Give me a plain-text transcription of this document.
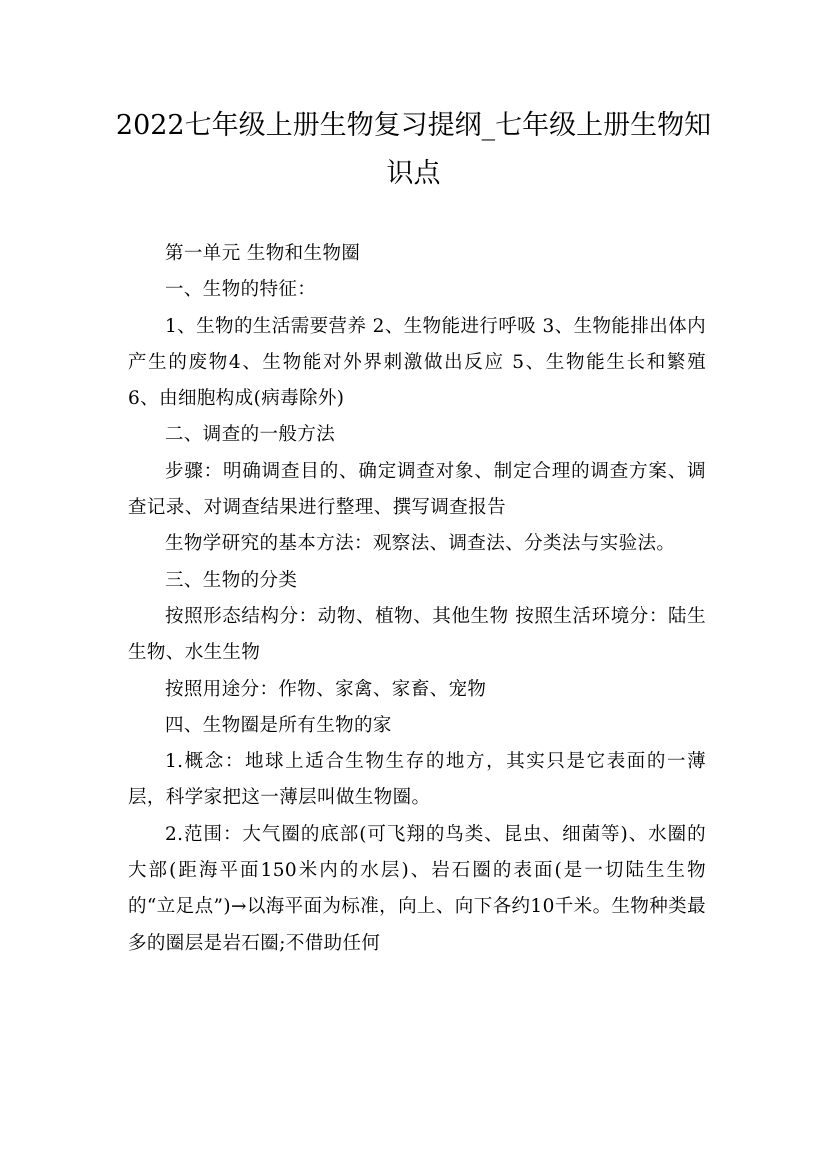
2022七年级上册生物复习提纲_七年级上册生物知识点

第一单元 生物和生物圈

一、生物的特征：

1、生物的生活需要营养 2、生物能进行呼吸 3、生物能排出体内产生的废物4、生物能对外界刺激做出反应 5、生物能生长和繁殖 6、由细胞构成(病毒除外)

二、调查的一般方法

步骤：明确调查目的、确定调查对象、制定合理的调查方案、调查记录、对调查结果进行整理、撰写调查报告

生物学研究的基本方法：观察法、调查法、分类法与实验法。

三、生物的分类

按照形态结构分：动物、植物、其他生物 按照生活环境分：陆生生物、水生生物

按照用途分：作物、家禽、家畜、宠物

四、生物圈是所有生物的家

1.概念：地球上适合生物生存的地方，其实只是它表面的一薄层，科学家把这一薄层叫做生物圈。

2.范围：大气圈的底部(可飞翔的鸟类、昆虫、细菌等)、水圈的大部(距海平面150米内的水层)、岩石圈的表面(是一切陆生生物的“立足点”)→以海平面为标准，向上、向下各约10千米。生物种类最多的圈层是岩石圈;不借助任何
